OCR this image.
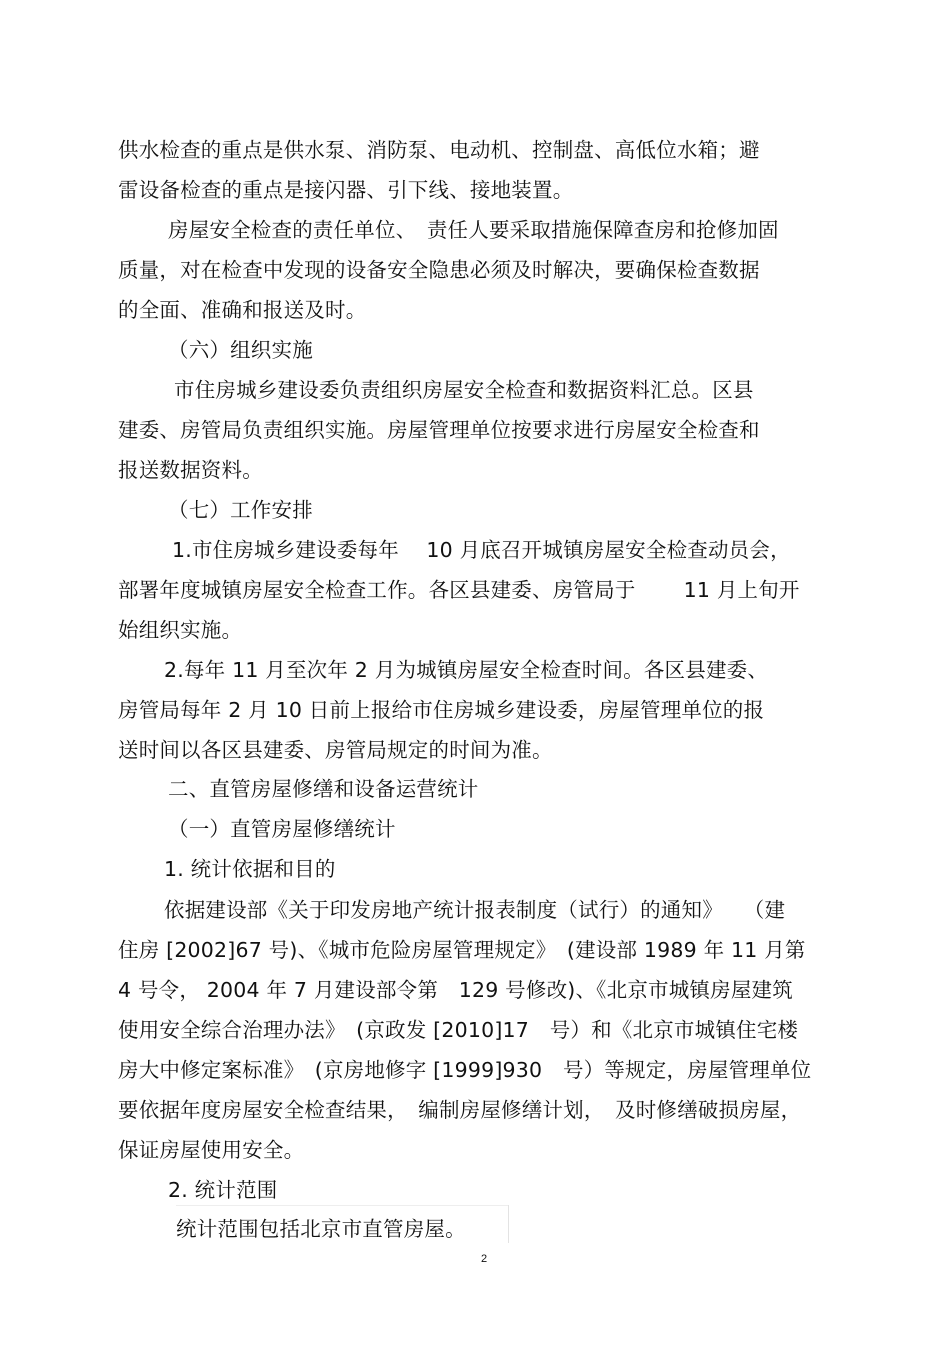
供水检查的重点是供水泵、消防泵、电动机、控制盘、高低位水箱；避
雷设备检查的重点是接闪器、引下线、接地装置。
房屋安全检查的责任单位、　责任人要采取措施保障查房和抢修加固
质量，对在检查中发现的设备安全隐患必须及时解决，要确保检查数据
的全面、准确和报送及时。
（六）组织实施
市住房城乡建设委负责组织房屋安全检查和数据资料汇总。区县
建委、房管局负责组织实施。房屋管理单位按要求进行房屋安全检查和
报送数据资料。
（七）工作安排
1.市住房城乡建设委每年　 10 月底召开城镇房屋安全检查动员会，
部署年度城镇房屋安全检查工作。各区县建委、房管局于　　 11 月上旬开
始组织实施。
2.每年 11 月至次年 2 月为城镇房屋安全检查时间。各区县建委、
房管局每年 2 月 10 日前上报给市住房城乡建设委，房屋管理单位的报
送时间以各区县建委、房管局规定的时间为准。
二、直管房屋修缮和设备运营统计
（一）直管房屋修缮统计
1. 统计依据和目的
依据建设部《关于印发房地产统计报表制度（试行）的通知》　　（建
住房 [2002]67 号)、《城市危险房屋管理规定》　(建设部 1989 年 11 月第
4 号令， 2004 年 7 月建设部令第　129 号修改)、《北京市城镇房屋建筑
使用安全综合治理办法》　(京政发 [2010]17　号）和《北京市城镇住宅楼
房大中修定案标准》　(京房地修字 [1999]930　号）等规定，房屋管理单位
要依据年度房屋安全检查结果，　编制房屋修缮计划，　及时修缮破损房屋，
保证房屋使用安全。
2. 统计范围
统计范围包括北京市直管房屋。
2
